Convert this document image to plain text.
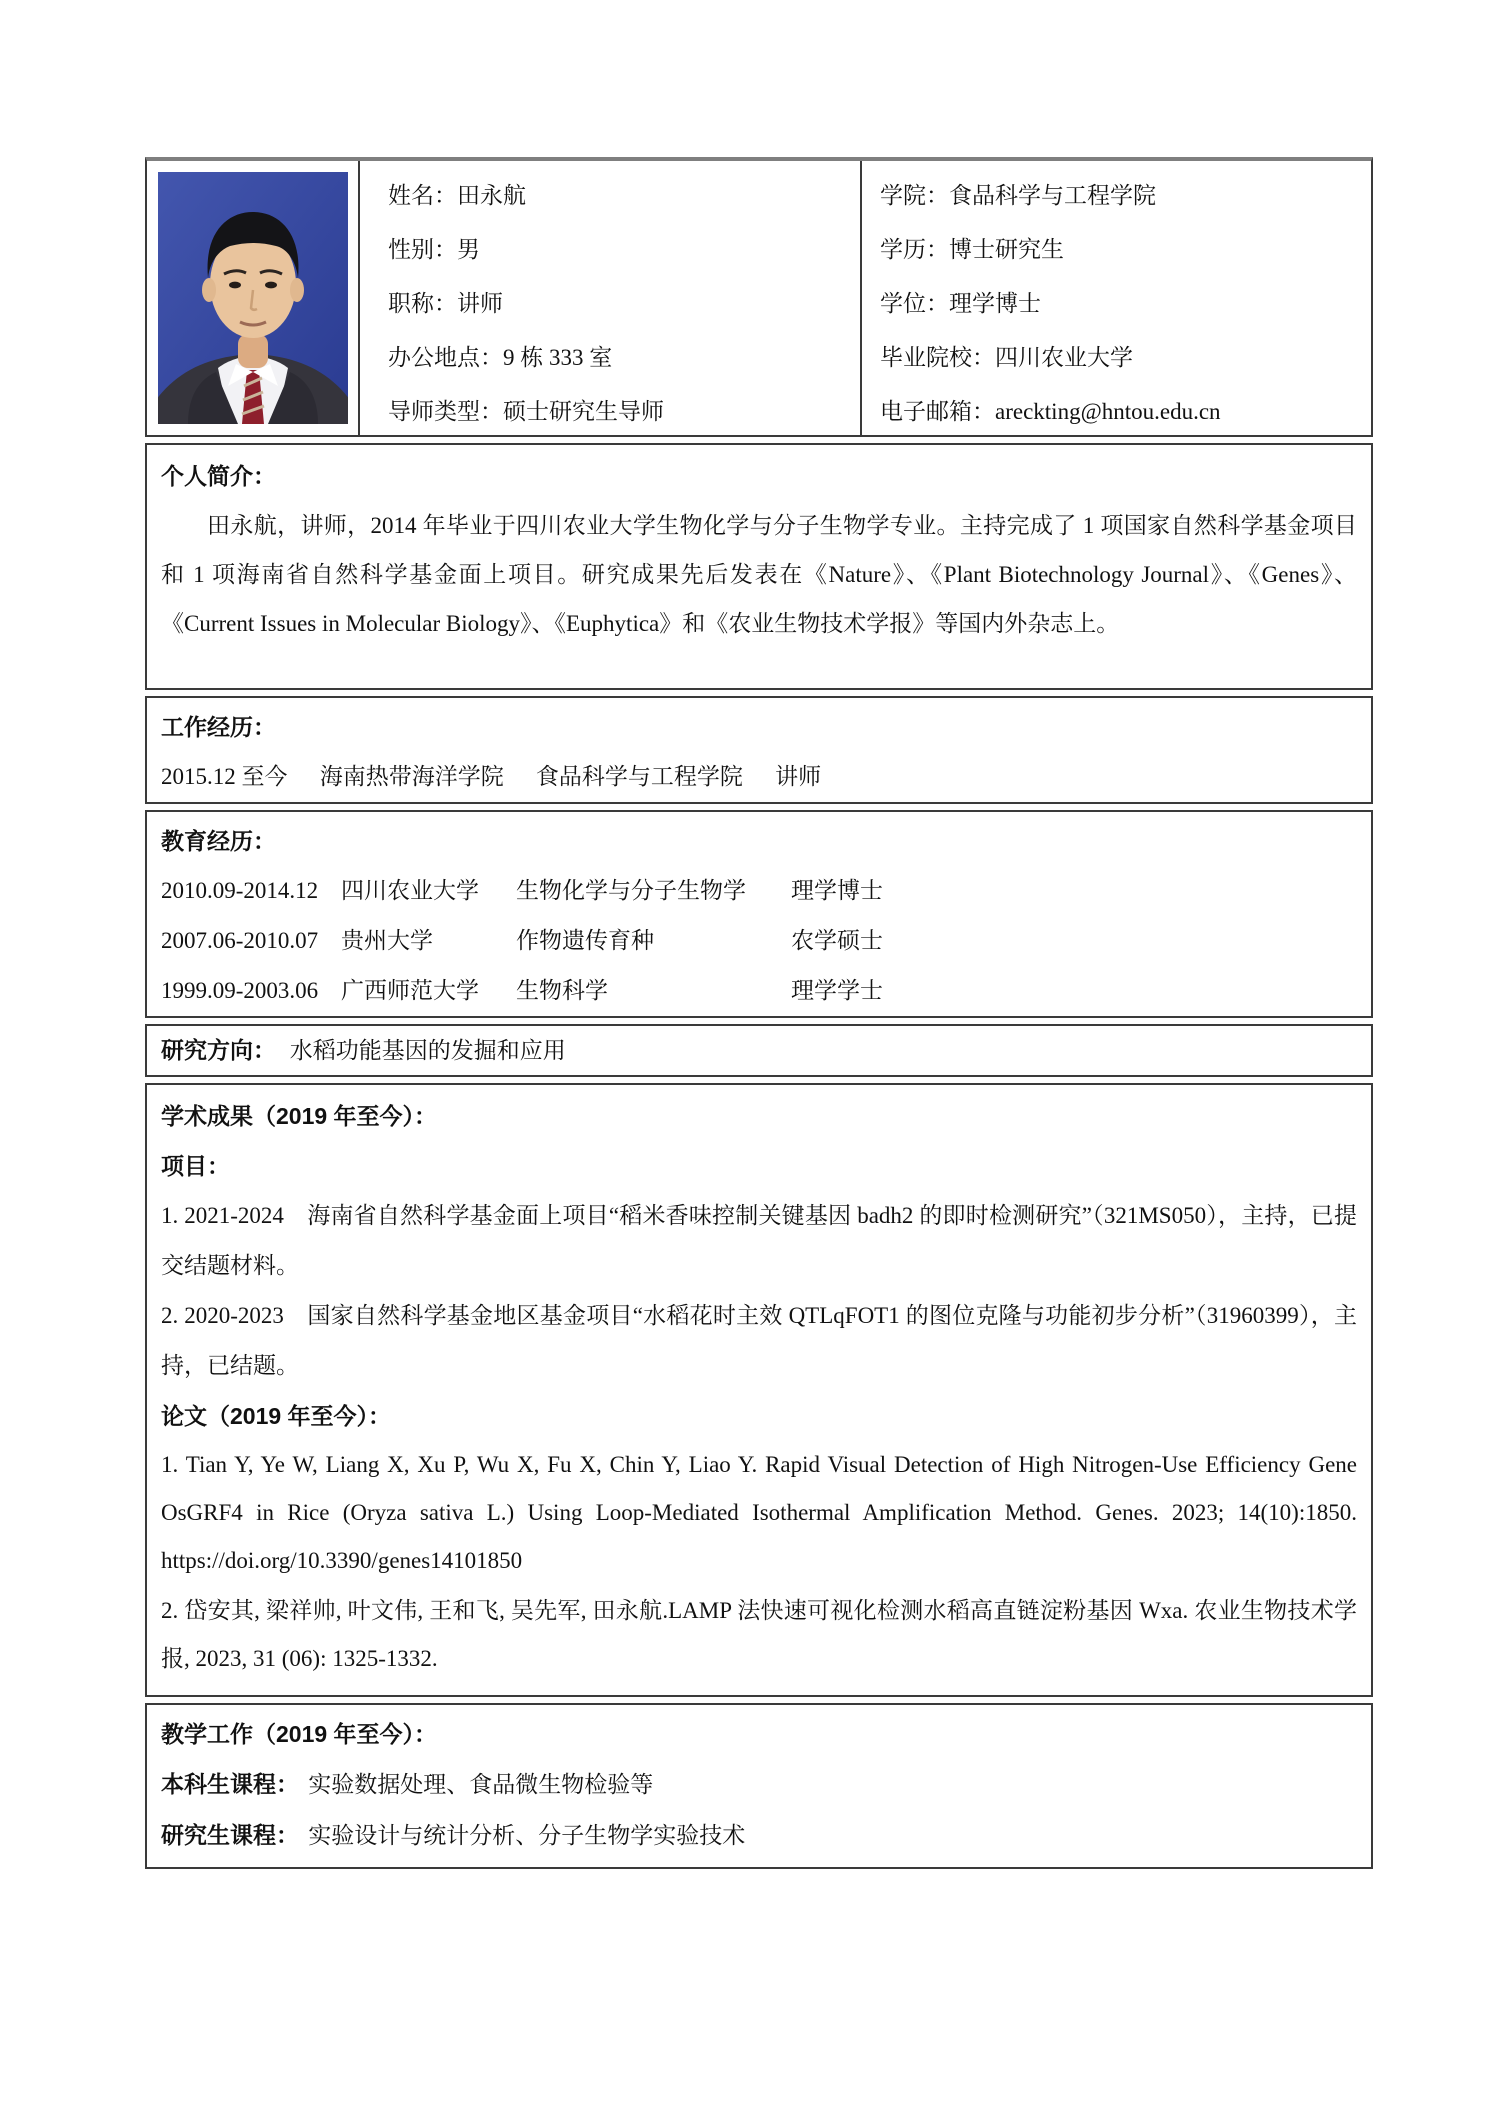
姓名：田永航
性别：男
职称：讲师
办公地点：9 栋 333 室
导师类型：硕士研究生导师
学院：食品科学与工程学院
学历：博士研究生
学位：理学博士
毕业院校：四川农业大学
电子邮箱：areckting@hntou.edu.cn
个人简介：

田永航，讲师，2014 年毕业于四川农业大学生物化学与分子生物学专业。主持完成了 1 项国家自然科学基金项目和 1 项海南省自然科学基金面上项目。研究成果先后发表在《Nature》、《Plant Biotechnology Journal》、《Genes》、《Current Issues in Molecular Biology》、《Euphytica》和《农业生物技术学报》等国内外杂志上。

工作经历：
2015.12 至今 海南热带海洋学院 食品科学与工程学院 讲师
教育经历：
2010.09-2014.12 四川农业大学	生物化学与分子生物学	理学博士
2007.06-2010.07 贵州大学	作物遗传育种	农学硕士
1999.09-2003.06 广西师范大学	生物科学	理学学士
研究方向： 水稻功能基因的发掘和应用
学术成果（2019 年至今）：
项目：

1. 2021-2024　海南省自然科学基金面上项目“稻米香味控制关键基因 badh2 的即时检测研究”（321MS050），主持，已提交结题材料。

2. 2020-2023　国家自然科学基金地区基金项目“水稻花时主效 QTLqFOT1 的图位克隆与功能初步分析”（31960399），主持，已结题。

论文（2019 年至今）：

1. Tian Y, Ye W, Liang X, Xu P, Wu X, Fu X, Chin Y, Liao Y. Rapid Visual Detection of High Nitrogen-Use Efficiency Gene OsGRF4 in Rice (Oryza sativa L.) Using Loop-Mediated Isothermal Amplification Method. Genes. 2023; 14(10):1850. https://doi.org/10.3390/genes14101850

2. 岱安其, 梁祥帅, 叶文伟, 王和飞, 吴先军, 田永航.LAMP 法快速可视化检测水稻高直链淀粉基因 Wxa. 农业生物技术学报, 2023, 31 (06): 1325-1332.

教学工作（2019 年至今）：
本科生课程： 实验数据处理、食品微生物检验等
研究生课程： 实验设计与统计分析、分子生物学实验技术
